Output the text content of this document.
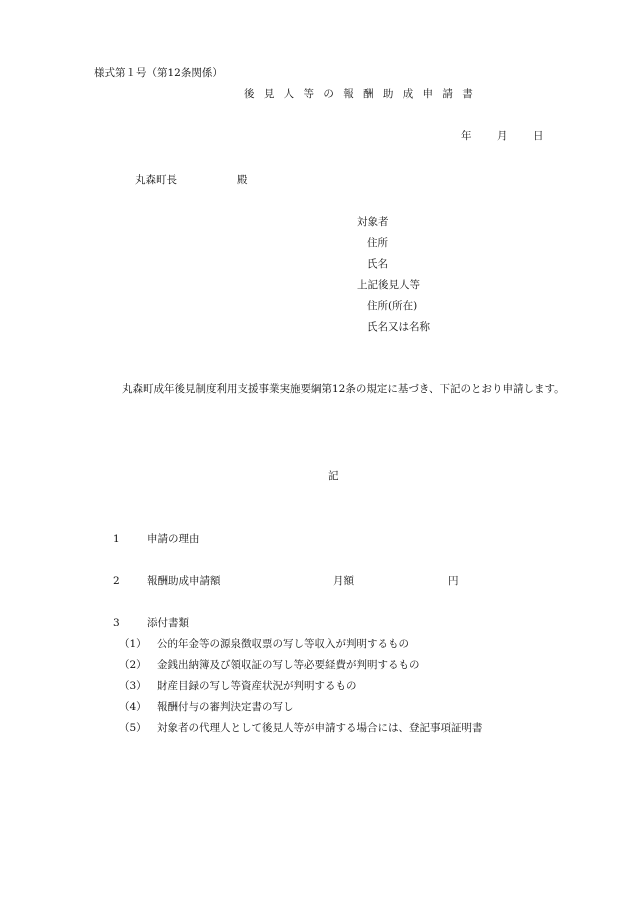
様式第１号（第12条関係）
後 見 人 等 の 報 酬 助 成 申 請 書
年 月 日
丸森町長	殿
対象者
住所
氏名
上記後見人等
住所(所在)
氏名又は名称
丸森町成年後見制度利用支援事業実施要綱第12条の規定に基づき、下記のとおり申請します。
記
1	申請の理由
2	報酬助成申請額	月額	円
3	添付書類
（1） 公的年金等の源泉徴収票の写し等収入が判明するもの
（2） 金銭出納簿及び領収証の写し等必要経費が判明するもの
（3） 財産目録の写し等資産状況が判明するもの
（4） 報酬付与の審判決定書の写し
（5） 対象者の代理人として後見人等が申請する場合には、登記事項証明書
